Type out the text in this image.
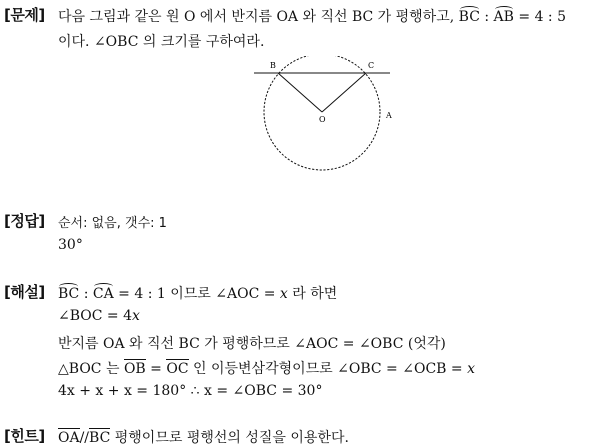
[문제] 다음 그림과 같은 원 O 에서 반지름 OA 와 직선 BC 가 평행하고, BC : AB = 4 : 5
이다. ∠OBC 의 크기를 구하여라.
B	C
O	A
[정답] 순서: 없음, 갯수: 1
30°
[해설] BC : CA = 4 : 1 이므로 ∠AOC = x 라 하면
∠BOC = 4x
반지름 OA 와 직선 BC 가 평행하므로 ∠AOC = ∠OBC (엇각)
△BOC 는 OB = OC 인 이등변삼각형이므로 ∠OBC = ∠OCB = x
4x + x + x = 180° ∴ x = ∠OBC = 30°
[힌트] OA//BC 평행이므로 평행선의 성질을 이용한다.
